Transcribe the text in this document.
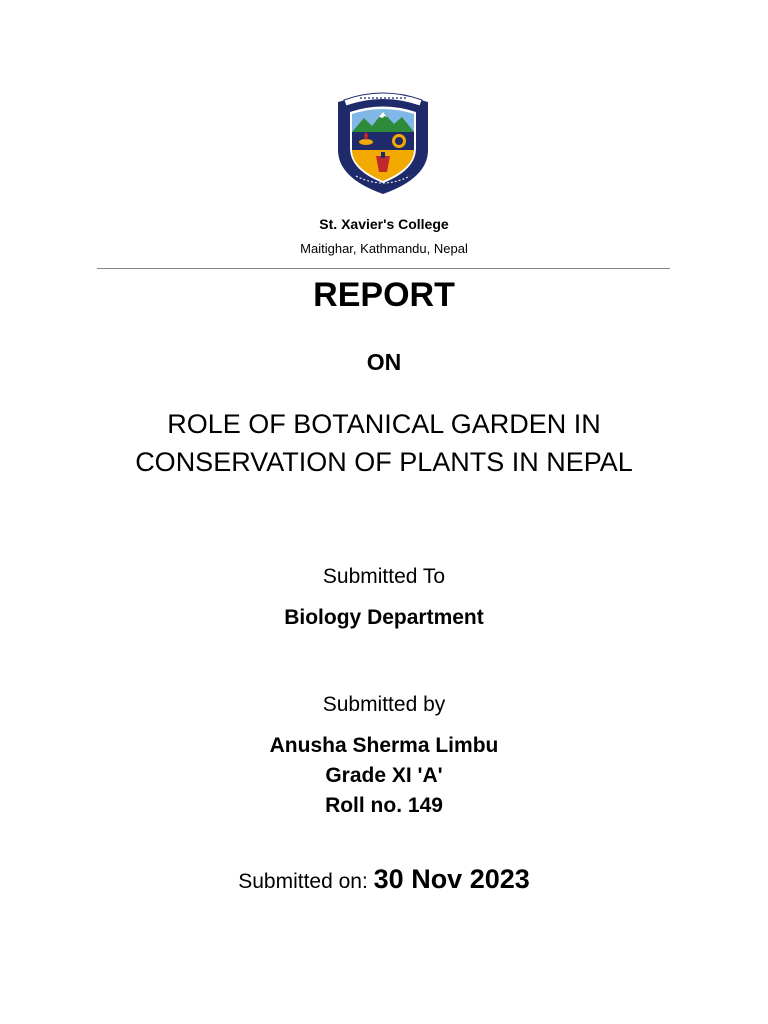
St. Xavier's College
Maitighar, Kathmandu, Nepal
REPORT
ON
ROLE OF BOTANICAL GARDEN IN
CONSERVATION OF PLANTS IN NEPAL
Submitted To
Biology Department
Submitted by
Anusha Sherma Limbu
Grade XI 'A'
Roll no. 149
Submitted on: 30 Nov 2023
